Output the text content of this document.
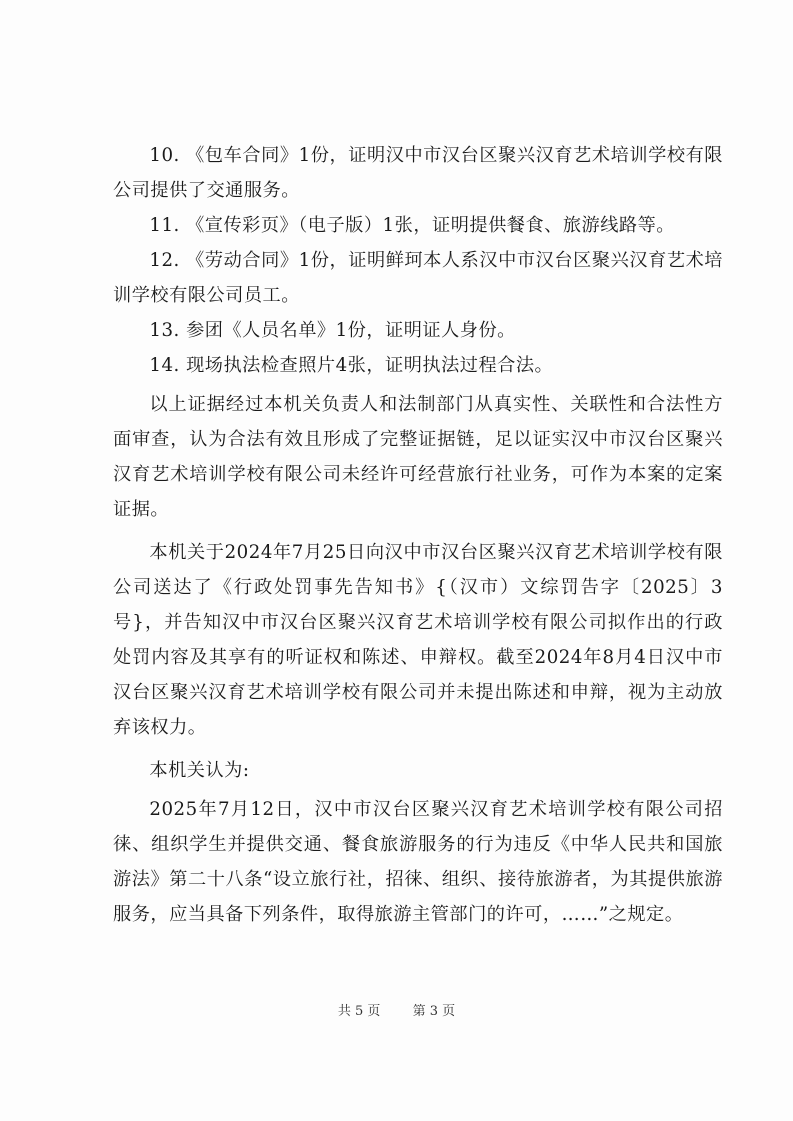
10. 《包车合同》1份，证明汉中市汉台区聚兴汉育艺术培训学校有限公司提供了交通服务。

11. 《宣传彩页》（电子版）1张，证明提供餐食、旅游线路等。

12. 《劳动合同》1份，证明鲜珂本人系汉中市汉台区聚兴汉育艺术培训学校有限公司员工。

13. 参团《人员名单》1份，证明证人身份。

14. 现场执法检查照片4张，证明执法过程合法。

以上证据经过本机关负责人和法制部门从真实性、关联性和合法性方面审查，认为合法有效且形成了完整证据链，足以证实汉中市汉台区聚兴汉育艺术培训学校有限公司未经许可经营旅行社业务，可作为本案的定案证据。

本机关于2024年7月25日向汉中市汉台区聚兴汉育艺术培训学校有限公司送达了《行政处罚事先告知书》{（汉市）文综罚告字〔2025〕3号}，并告知汉中市汉台区聚兴汉育艺术培训学校有限公司拟作出的行政处罚内容及其享有的听证权和陈述、申辩权。截至2024年8月4日汉中市汉台区聚兴汉育艺术培训学校有限公司并未提出陈述和申辩，视为主动放弃该权力。

本机关认为:

2025年7月12日，汉中市汉台区聚兴汉育艺术培训学校有限公司招徕、组织学生并提供交通、餐食旅游服务的行为违反《中华人民共和国旅游法》第二十八条“设立旅行社，招徕、组织、接待旅游者，为其提供旅游服务，应当具备下列条件，取得旅游主管部门的许可，……”之规定。

共 5 页 第 3 页
